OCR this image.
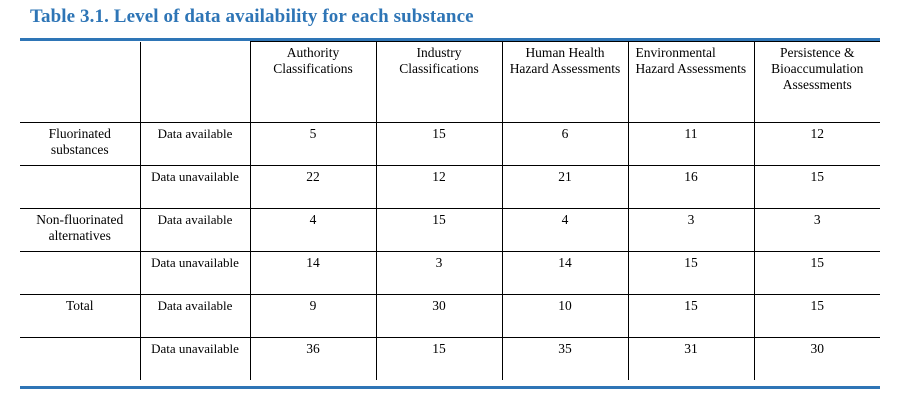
Table 3.1. Level of data availability for each substance
		Authority Classifications	Industry Classifications	Human Health Hazard Assessments	Environmental Hazard Assessments	Persistence & Bioaccumulation Assessments
Fluorinated substances	Data available	5	15	6	11	12
	Data unavailable	22	12	21	16	15
Non-fluorinated alternatives	Data available	4	15	4	3	3
	Data unavailable	14	3	14	15	15
Total	Data available	9	30	10	15	15
	Data unavailable	36	15	35	31	30
